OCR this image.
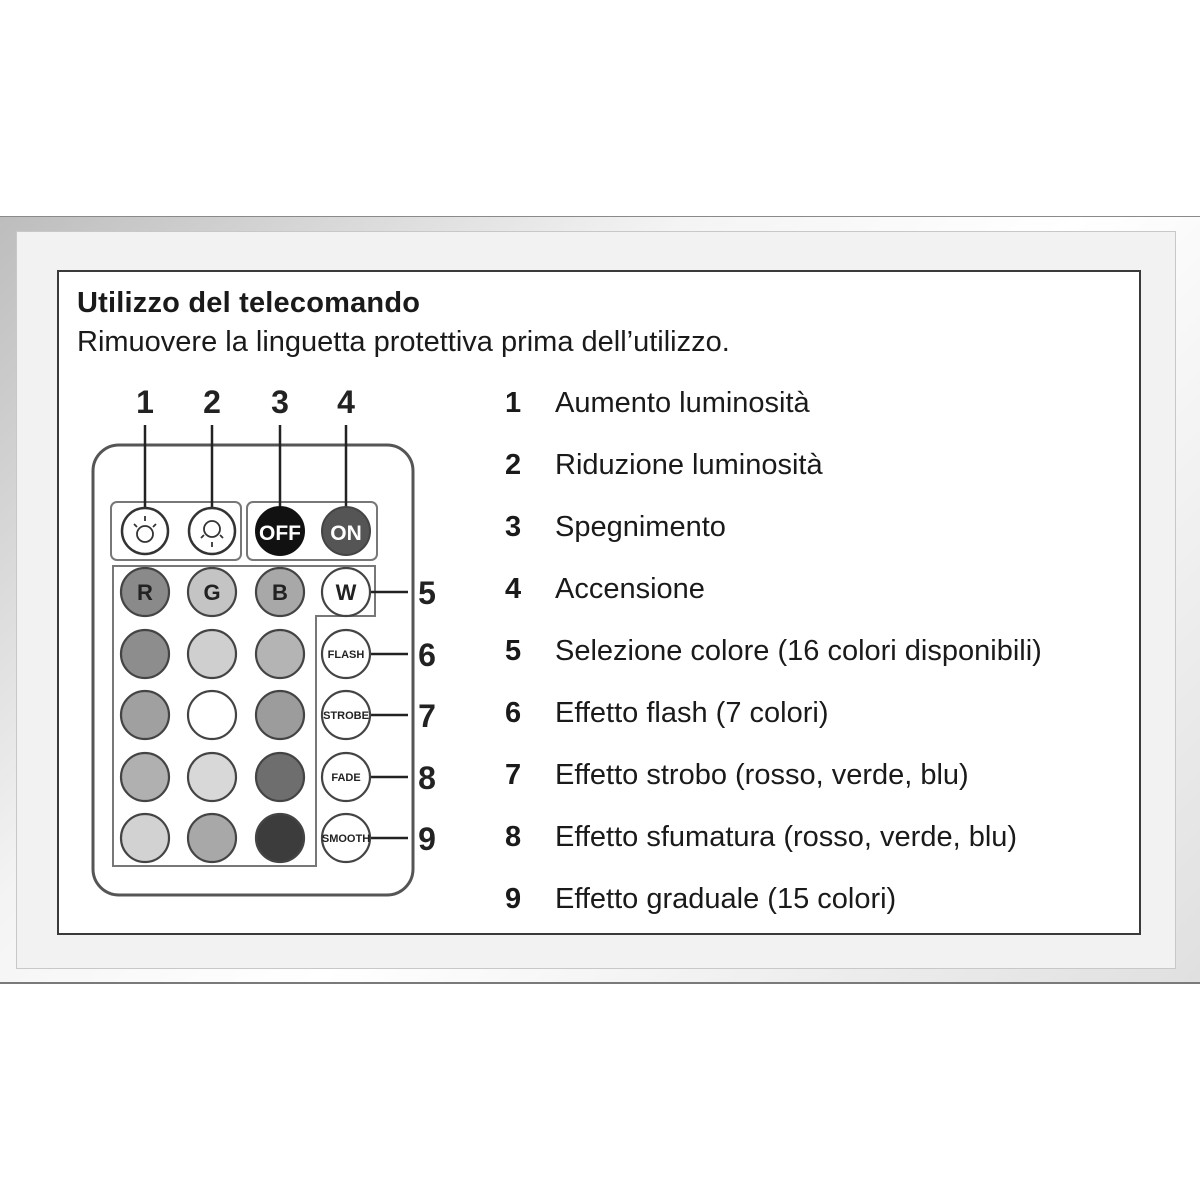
Utilizzo del telecomando
Rimuovere la linguetta protettiva prima dell’utilizzo.
OFF ON
R G B W
FLASH
STROBE
FADE
SMOOTH
1 2 3 4
5
6
7
8
9
1	Aumento luminosità
2	Riduzione luminosità
3	Spegnimento
4	Accensione
5	Selezione colore (16 colori disponibili)
6	Effetto flash (7 colori)
7	Effetto strobo (rosso, verde, blu)
8	Effetto sfumatura (rosso, verde, blu)
9	Effetto graduale (15 colori)
